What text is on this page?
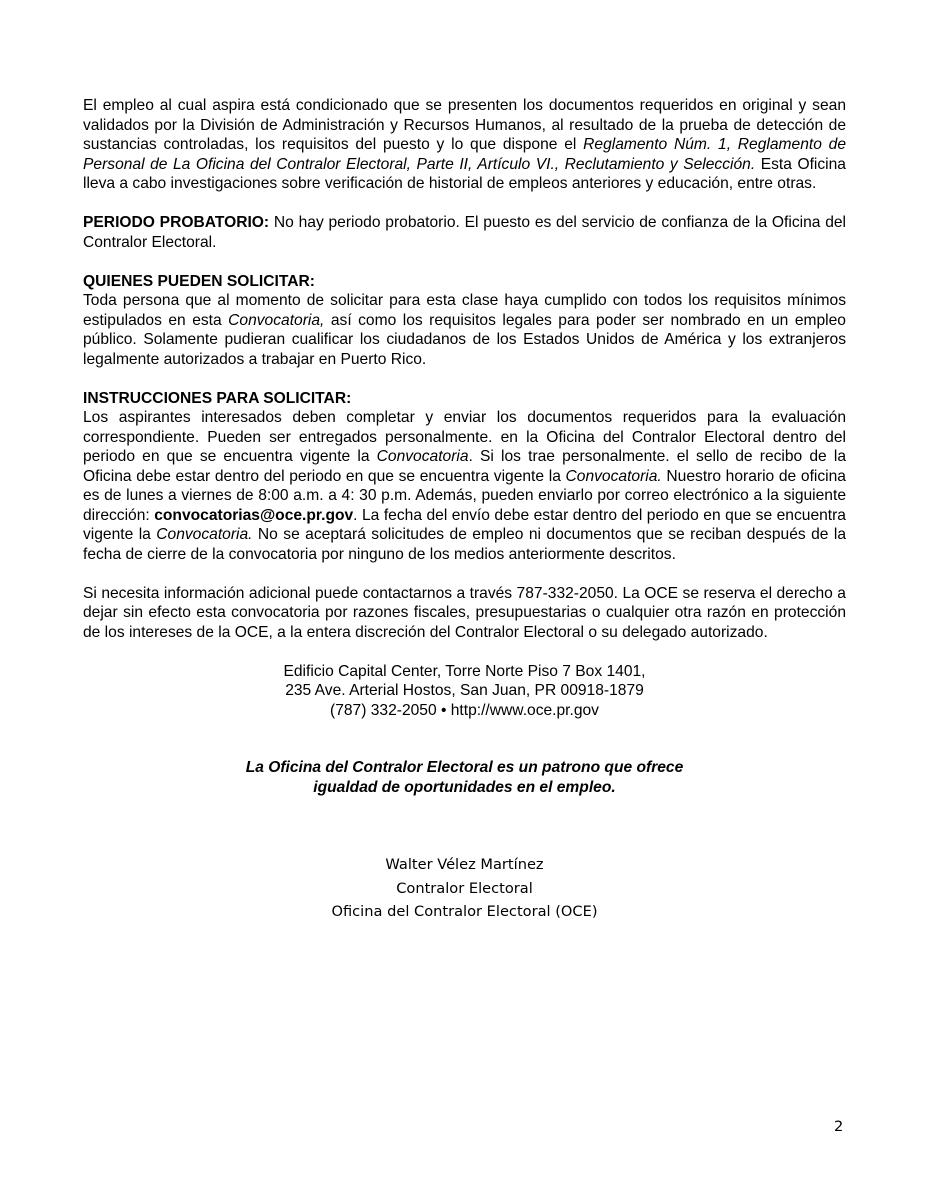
El empleo al cual aspira está condicionado que se presenten los documentos requeridos en original y sean validados por la División de Administración y Recursos Humanos, al resultado de la prueba de detección de sustancias controladas, los requisitos del puesto y lo que dispone el Reglamento Núm. 1, Reglamento de Personal de La Oficina del Contralor Electoral, Parte II, Artículo VI., Reclutamiento y Selección. Esta Oficina lleva a cabo investigaciones sobre verificación de historial de empleos anteriores y educación, entre otras.

PERIODO PROBATORIO: No hay periodo probatorio. El puesto es del servicio de confianza de la Oficina del Contralor Electoral.

QUIENES PUEDEN SOLICITAR:
Toda persona que al momento de solicitar para esta clase haya cumplido con todos los requisitos mínimos estipulados en esta Convocatoria, así como los requisitos legales para poder ser nombrado en un empleo público. Solamente pudieran cualificar los ciudadanos de los Estados Unidos de América y los extranjeros legalmente autorizados a trabajar en Puerto Rico.

INSTRUCCIONES PARA SOLICITAR:
Los aspirantes interesados deben completar y enviar los documentos requeridos para la evaluación correspondiente. Pueden ser entregados personalmente. en la Oficina del Contralor Electoral dentro del periodo en que se encuentra vigente la Convocatoria. Si los trae personalmente. el sello de recibo de la Oficina debe estar dentro del periodo en que se encuentra vigente la Convocatoria. Nuestro horario de oficina es de lunes a viernes de 8:00 a.m. a 4: 30 p.m. Además, pueden enviarlo por correo electrónico a la siguiente dirección: convocatorias@oce.pr.gov. La fecha del envío debe estar dentro del periodo en que se encuentra vigente la Convocatoria. No se aceptará solicitudes de empleo ni documentos que se reciban después de la fecha de cierre de la convocatoria por ninguno de los medios anteriormente descritos.

Si necesita información adicional puede contactarnos a través 787-332-2050. La OCE se reserva el derecho a dejar sin efecto esta convocatoria por razones fiscales, presupuestarias o cualquier otra razón en protección de los intereses de la OCE, a la entera discreción del Contralor Electoral o su delegado autorizado.

Edificio Capital Center, Torre Norte Piso 7 Box 1401,

235 Ave. Arterial Hostos, San Juan, PR 00918-1879

(787) 332-2050 • http://www.oce.pr.gov

La Oficina del Contralor Electoral es un patrono que ofrece

igualdad de oportunidades en el empleo.

Walter Vélez Martínez
Contralor Electoral
Oficina del Contralor Electoral (OCE)
2
